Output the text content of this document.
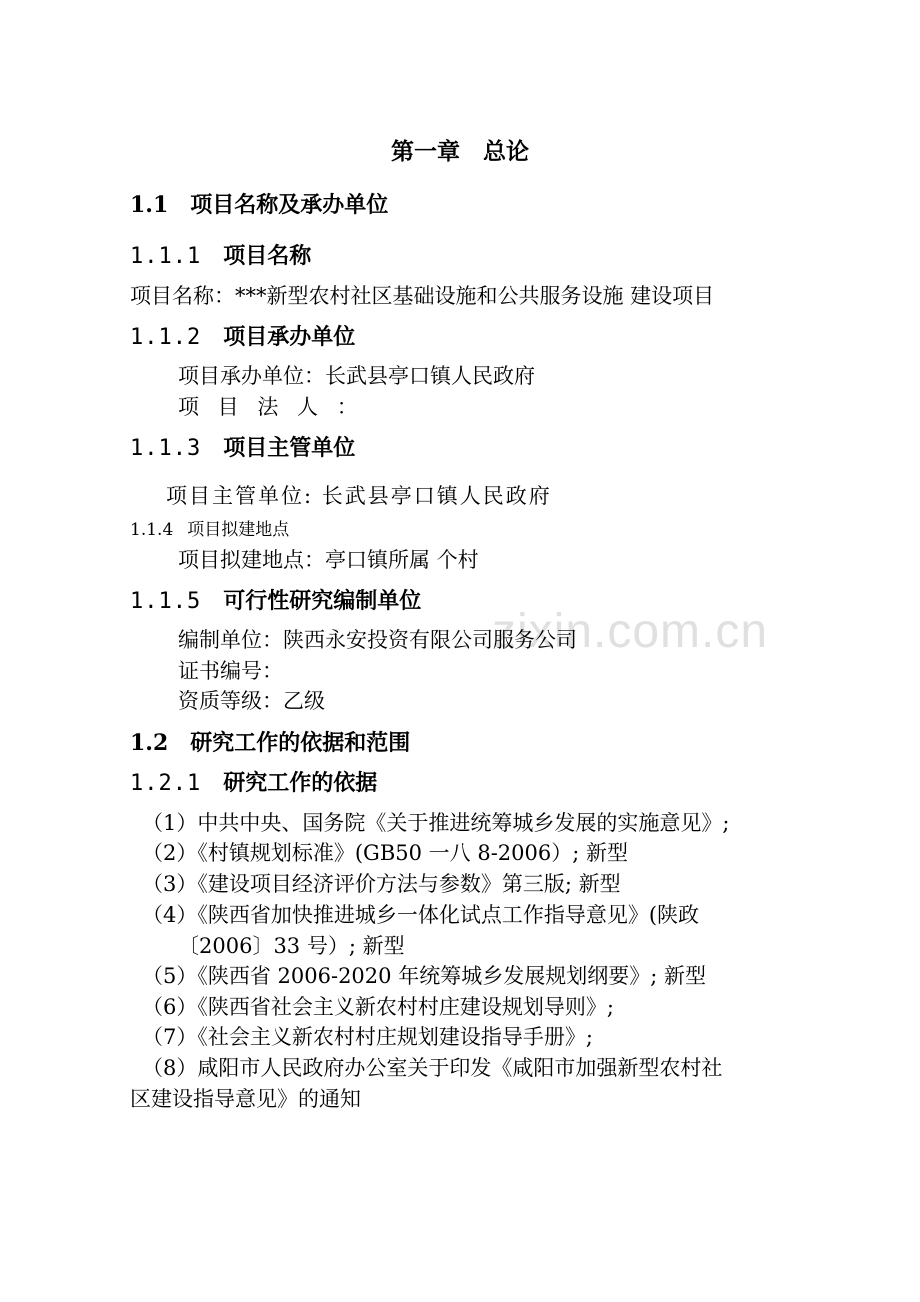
zixin.com.cn
第一章　总论
1.1 项目名称及承办单位
1.1.1 项目名称
项目名称：***新型农村社区基础设施和公共服务设施 建设项目
1.1.2 项目承办单位
项目承办单位：长武县亭口镇人民政府
项 目 法 人 ：
1.1.3 项目主管单位
项目主管单位: 长武县亭口镇人民政府
1.1.4 项目拟建地点
项目拟建地点：亭口镇所属 个村
1.1.5 可行性研究编制单位
编制单位：陕西永安投资有限公司服务公司
证书编号：
资质等级：乙级
1.2 研究工作的依据和范围
1.2.1 研究工作的依据
（1）中共中央、国务院《关于推进统筹城乡发展的实施意见》;
（2）《村镇规划标准》(GB50 一八 8-2006）; 新型
（3）《建设项目经济评价方法与参数》第三版; 新型
（4）《陕西省加快推进城乡一体化试点工作指导意见》(陕政
〔2006〕33 号）; 新型
（5）《陕西省 2006-2020 年统筹城乡发展规划纲要》; 新型
（6）《陕西省社会主义新农村村庄建设规划导则》;
（7）《社会主义新农村村庄规划建设指导手册》;
（8）咸阳市人民政府办公室关于印发《咸阳市加强新型农村社
区建设指导意见》的通知
